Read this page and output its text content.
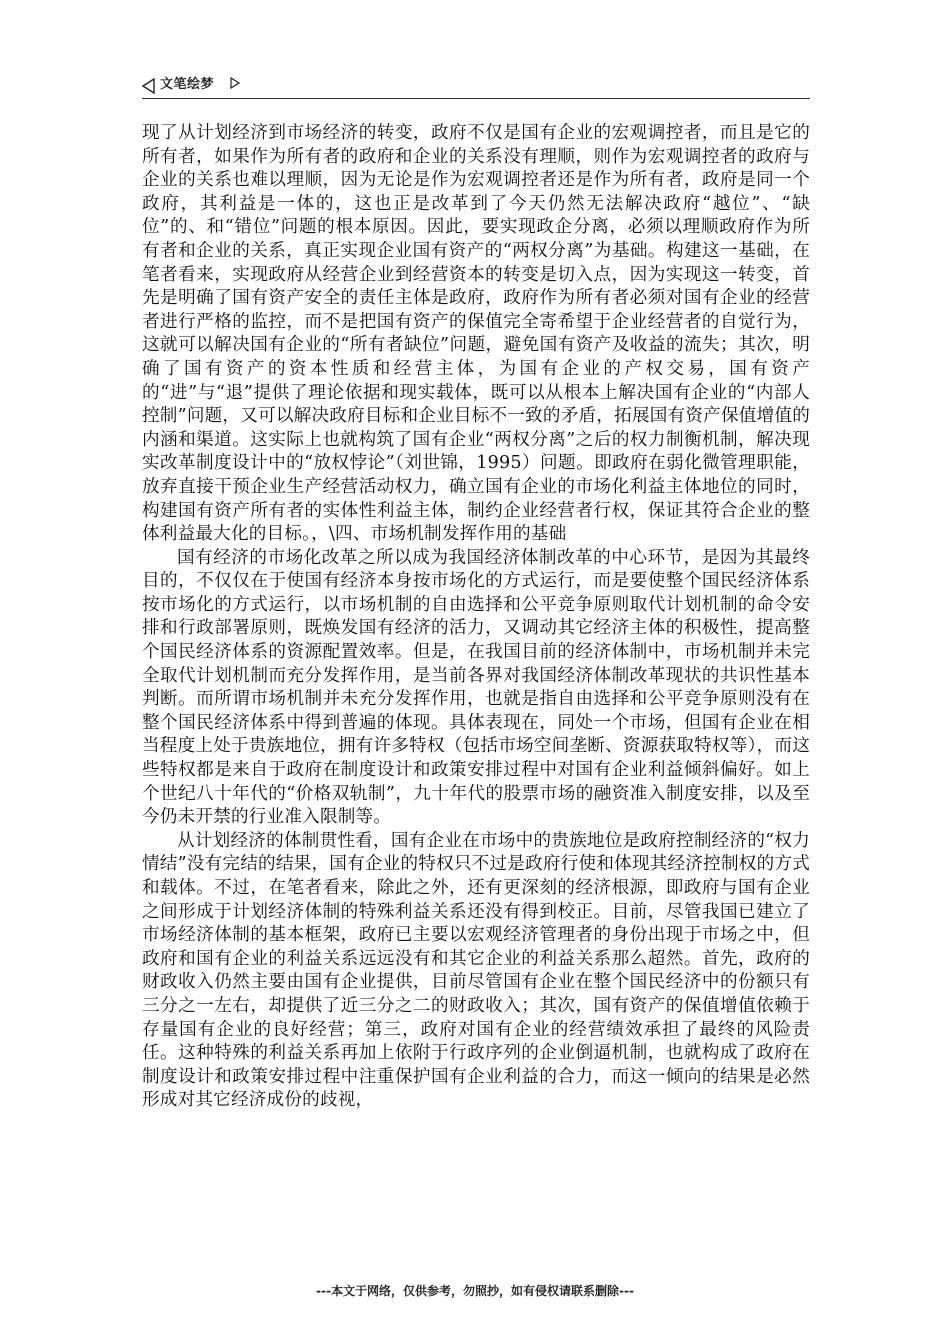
文笔绘梦

现了从计划经济到市场经济的转变，政府不仅是国有企业的宏观调控者，而且是它的所有者，如果作为所有者的政府和企业的关系没有理顺，则作为宏观调控者的政府与企业的关系也难以理顺，因为无论是作为宏观调控者还是作为所有者，政府是同一个政府，其利益是一体的，这也正是改革到了今天仍然无法解决政府“越位”、“缺位”的、和“错位”问题的根本原因。因此，要实现政企分离，必须以理顺政府作为所有者和企业的关系，真正实现企业国有资产的“两权分离”为基础。构建这一基础，在笔者看来，实现政府从经营企业到经营资本的转变是切入点，因为实现这一转变，首先是明确了国有资产安全的责任主体是政府，政府作为所有者必须对国有企业的经营者进行严格的监控，而不是把国有资产的保值完全寄希望于企业经营者的自觉行为，这就可以解决国有企业的“所有者缺位”问题，避免国有资产及收益的流失；其次，明确了国有资产的资本性质和经营主体，为国有企业的产权交易，国有资产的“进”与“退”提供了理论依据和现实载体，既可以从根本上解决国有企业的“内部人控制”问题，又可以解决政府目标和企业目标不一致的矛盾，拓展国有资产保值增值的内涵和渠道。这实际上也就构筑了国有企业“两权分离”之后的权力制衡机制，解决现实改革制度设计中的“放权悖论”（刘世锦，1995）问题。即政府在弱化微管理职能，放弃直接干预企业生产经营活动权力，确立国有企业的市场化利益主体地位的同时，构建国有资产所有者的实体性利益主体，制约企业经营者行权，保证其符合企业的整体利益最大化的目标。，\四、市场机制发挥作用的基础

国有经济的市场化改革之所以成为我国经济体制改革的中心环节，是因为其最终目的，不仅仅在于使国有经济本身按市场化的方式运行，而是要使整个国民经济体系按市场化的方式运行，以市场机制的自由选择和公平竞争原则取代计划机制的命令安排和行政部署原则，既焕发国有经济的活力，又调动其它经济主体的积极性，提高整个国民经济体系的资源配置效率。但是，在我国目前的经济体制中，市场机制并未完全取代计划机制而充分发挥作用，是当前各界对我国经济体制改革现状的共识性基本判断。而所谓市场机制并未充分发挥作用，也就是指自由选择和公平竞争原则没有在整个国民经济体系中得到普遍的体现。具体表现在，同处一个市场，但国有企业在相当程度上处于贵族地位，拥有许多特权（包括市场空间垄断、资源获取特权等），而这些特权都是来自于政府在制度设计和政策安排过程中对国有企业利益倾斜偏好。如上个世纪八十年代的“价格双轨制”，九十年代的股票市场的融资准入制度安排，以及至今仍未开禁的行业准入限制等。

从计划经济的体制贯性看，国有企业在市场中的贵族地位是政府控制经济的“权力情结”没有完结的结果，国有企业的特权只不过是政府行使和体现其经济控制权的方式和载体。不过，在笔者看来，除此之外，还有更深刻的经济根源，即政府与国有企业之间形成于计划经济体制的特殊利益关系还没有得到校正。目前，尽管我国已建立了市场经济体制的基本框架，政府已主要以宏观经济管理者的身份出现于市场之中，但政府和国有企业的利益关系远远没有和其它企业的利益关系那么超然。首先，政府的财政收入仍然主要由国有企业提供，目前尽管国有企业在整个国民经济中的份额只有三分之一左右，却提供了近三分之二的财政收入；其次，国有资产的保值增值依赖于存量国有企业的良好经营；第三，政府对国有企业的经营绩效承担了最终的风险责任。这种特殊的利益关系再加上依附于行政序列的企业倒逼机制，也就构成了政府在制度设计和政策安排过程中注重保护国有企业利益的合力，而这一倾向的结果是必然形成对其它经济成份的歧视，

---本文于网络，仅供参考，勿照抄，如有侵权请联系删除---
